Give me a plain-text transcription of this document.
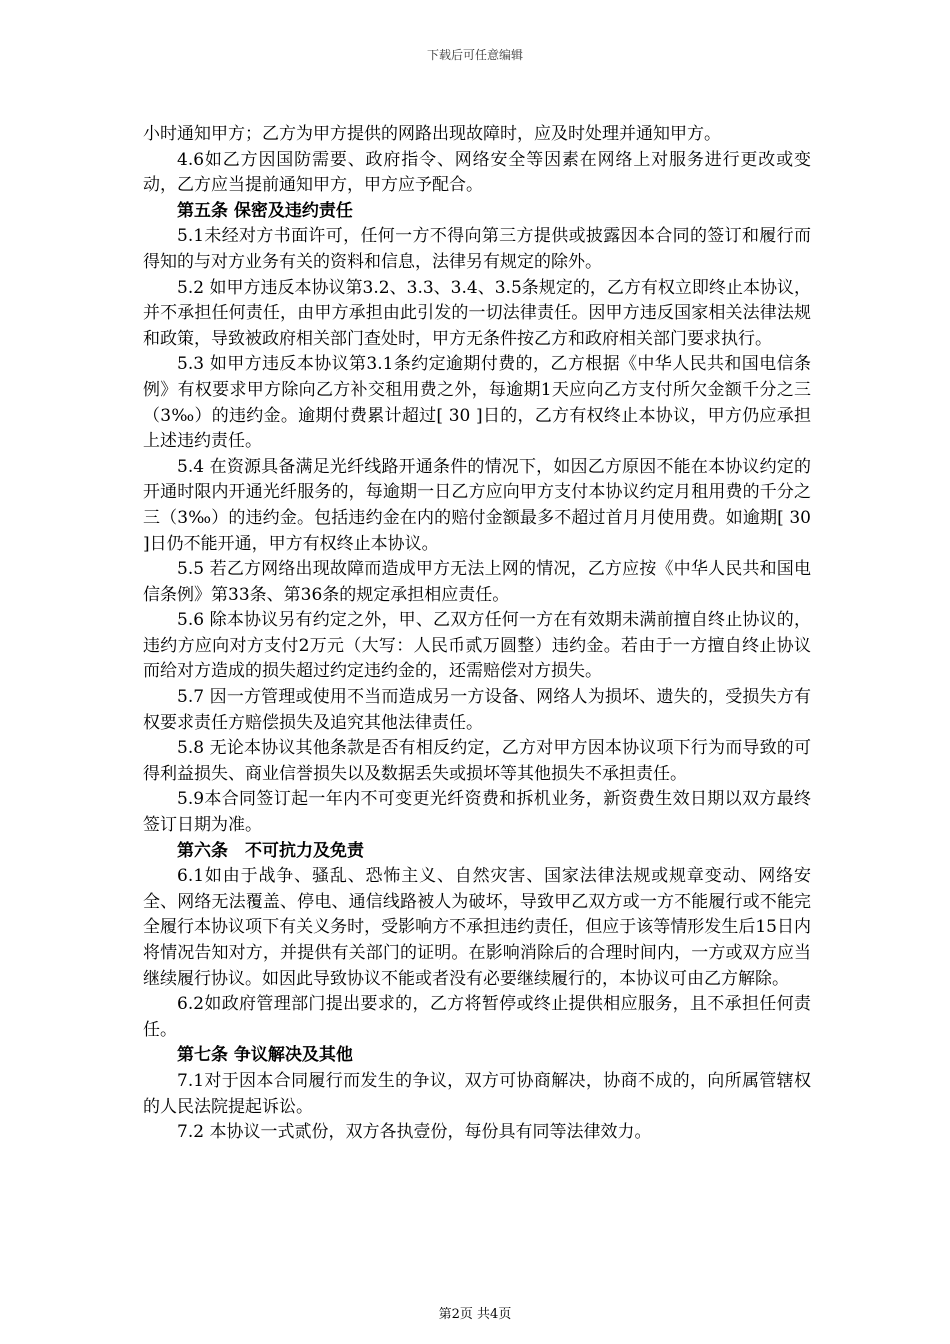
下载后可任意编辑

小时通知甲方；乙方为甲方提供的网路出现故障时，应及时处理并通知甲方。

4.6如乙方因国防需要、政府指令、网络安全等因素在网络上对服务进行更改或变动，乙方应当提前通知甲方，甲方应予配合。

第五条 保密及违约责任

5.1未经对方书面许可，任何一方不得向第三方提供或披露因本合同的签订和履行而得知的与对方业务有关的资料和信息，法律另有规定的除外。

5.2 如甲方违反本协议第3.2、3.3、3.4、3.5条规定的，乙方有权立即终止本协议，并不承担任何责任，由甲方承担由此引发的一切法律责任。因甲方违反国家相关法律法规和政策，导致被政府相关部门查处时，甲方无条件按乙方和政府相关部门要求执行。

5.3 如甲方违反本协议第3.1条约定逾期付费的，乙方根据《中华人民共和国电信条例》有权要求甲方除向乙方补交租用费之外，每逾期1天应向乙方支付所欠金额千分之三（3‰）的违约金。逾期付费累计超过[ 30 ]日的，乙方有权终止本协议，甲方仍应承担上述违约责任。

5.4 在资源具备满足光纤线路开通条件的情况下，如因乙方原因不能在本协议约定的开通时限内开通光纤服务的，每逾期一日乙方应向甲方支付本协议约定月租用费的千分之三（3‰）的违约金。包括违约金在内的赔付金额最多不超过首月月使用费。如逾期[ 30 ]日仍不能开通，甲方有权终止本协议。

5.5 若乙方网络出现故障而造成甲方无法上网的情况，乙方应按《中华人民共和国电信条例》第33条、第36条的规定承担相应责任。

5.6 除本协议另有约定之外，甲、乙双方任何一方在有效期未满前擅自终止协议的，违约方应向对方支付2万元（大写：人民币贰万圆整）违约金。若由于一方擅自终止协议而给对方造成的损失超过约定违约金的，还需赔偿对方损失。

5.7 因一方管理或使用不当而造成另一方设备、网络人为损坏、遗失的，受损失方有权要求责任方赔偿损失及追究其他法律责任。

5.8 无论本协议其他条款是否有相反约定，乙方对甲方因本协议项下行为而导致的可得利益损失、商业信誉损失以及数据丢失或损坏等其他损失不承担责任。

5.9本合同签订起一年内不可变更光纤资费和拆机业务，新资费生效日期以双方最终签订日期为准。

第六条　不可抗力及免责

6.1如由于战争、骚乱、恐怖主义、自然灾害、国家法律法规或规章变动、网络安全、网络无法覆盖、停电、通信线路被人为破坏，导致甲乙双方或一方不能履行或不能完全履行本协议项下有关义务时，受影响方不承担违约责任，但应于该等情形发生后15日内将情况告知对方，并提供有关部门的证明。在影响消除后的合理时间内，一方或双方应当继续履行协议。如因此导致协议不能或者没有必要继续履行的，本协议可由乙方解除。

6.2如政府管理部门提出要求的，乙方将暂停或终止提供相应服务，且不承担任何责任。

第七条 争议解决及其他

7.1对于因本合同履行而发生的争议，双方可协商解决，协商不成的，向所属管辖权的人民法院提起诉讼。

7.2 本协议一式贰份，双方各执壹份，每份具有同等法律效力。

第2页 共4页
